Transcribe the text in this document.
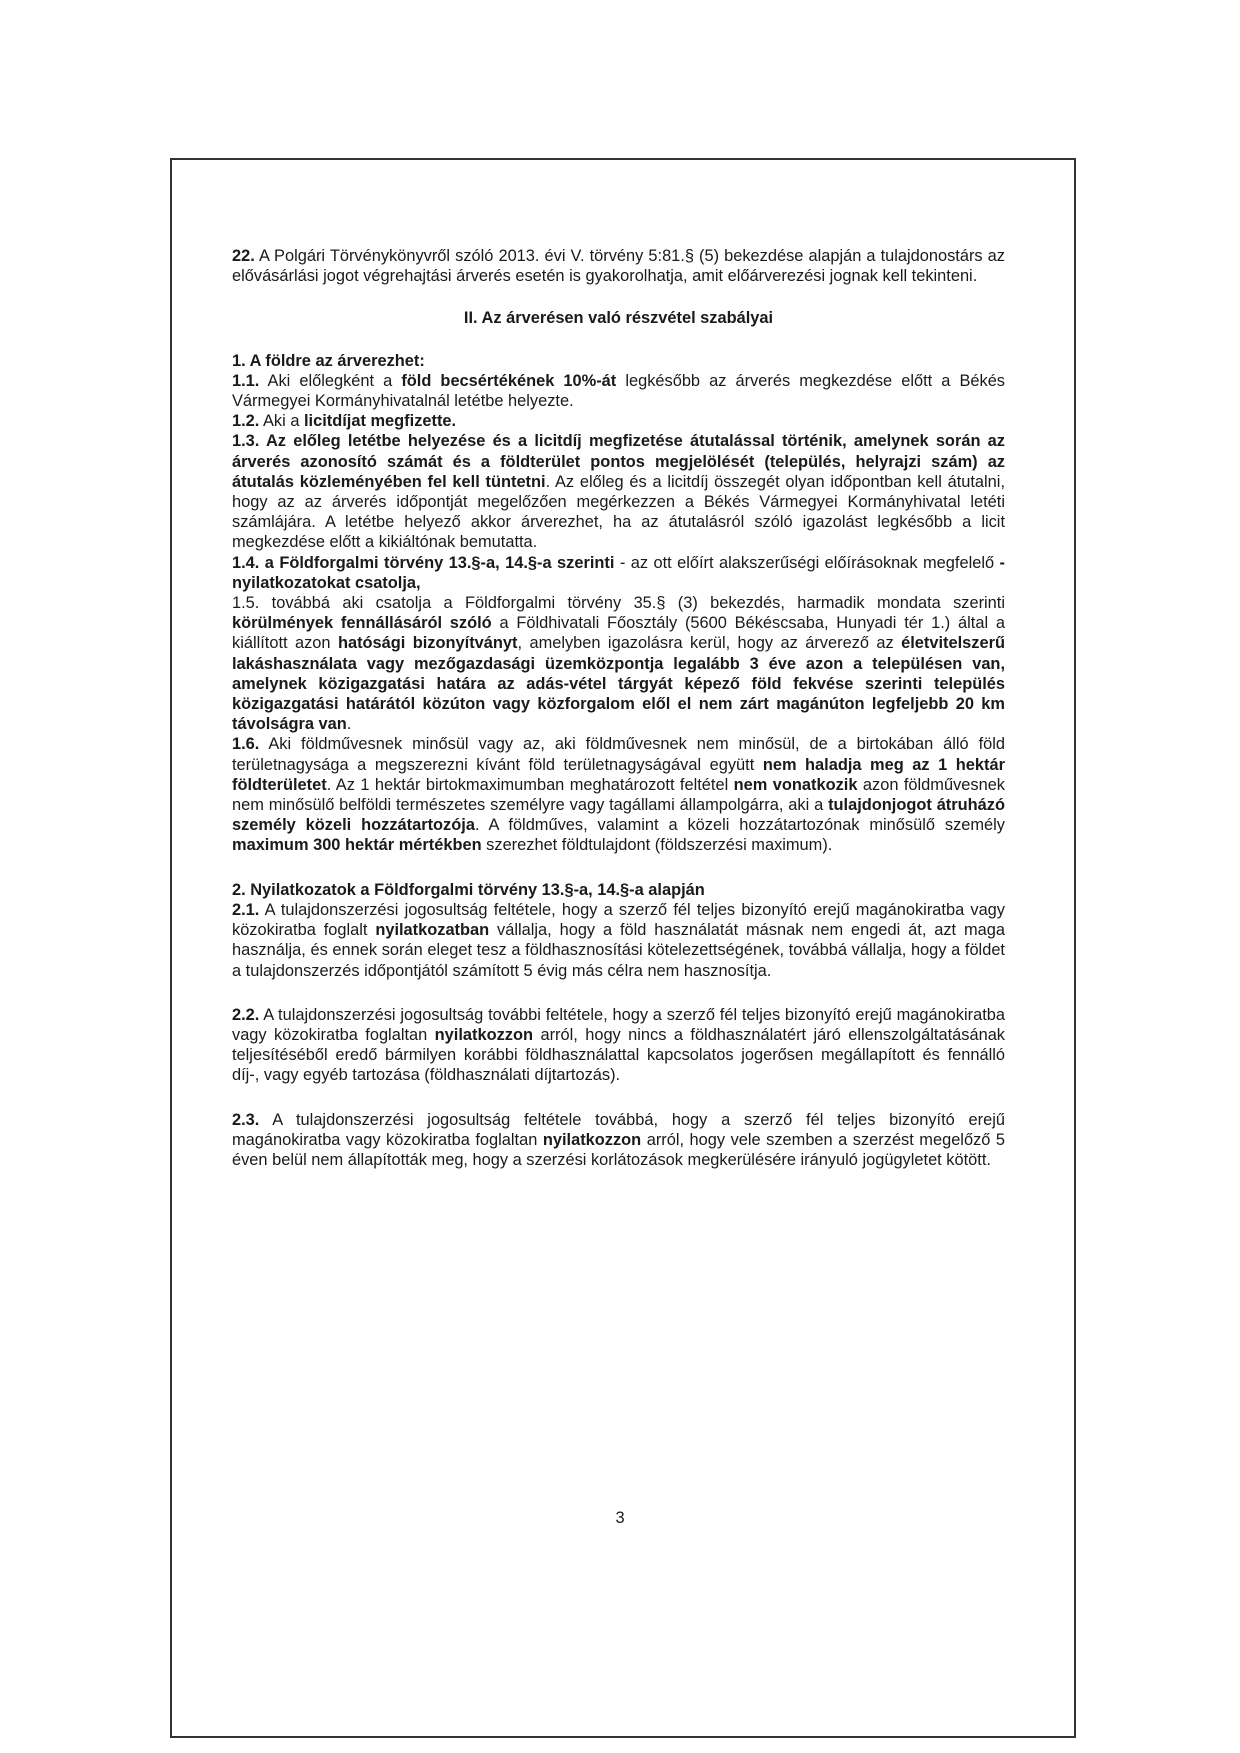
22. A Polgári Törvénykönyvről szóló 2013. évi V. törvény 5:81.§ (5) bekezdése alapján a tulajdonostárs az elővásárlási jogot végrehajtási árverés esetén is gyakorolhatja, amit előárverezési jognak kell tekinteni.

II. Az árverésen való részvétel szabályai

1. A földre az árverezhet:

1.1. Aki előlegként a föld becsértékének 10%-át legkésőbb az árverés megkezdése előtt a Békés Vármegyei Kormányhivatalnál letétbe helyezte.

1.2. Aki a licitdíjat megfizette.

1.3. Az előleg letétbe helyezése és a licitdíj megfizetése átutalással történik, amelynek során az árverés azonosító számát és a földterület pontos megjelölését (település, helyrajzi szám) az átutalás közleményében fel kell tüntetni. Az előleg és a licitdíj összegét olyan időpontban kell átutalni, hogy az az árverés időpontját megelőzően megérkezzen a Békés Vármegyei Kormányhivatal letéti számlájára. A letétbe helyező akkor árverezhet, ha az átutalásról szóló igazolást legkésőbb a licit megkezdése előtt a kikiáltónak bemutatta.

1.4. a Földforgalmi törvény 13.§-a, 14.§-a szerinti - az ott előírt alakszerűségi előírásoknak megfelelő - nyilatkozatokat csatolja,

1.5. továbbá aki csatolja a Földforgalmi törvény 35.§ (3) bekezdés, harmadik mondata szerinti körülmények fennállásáról szóló a Földhivatali Főosztály (5600 Békéscsaba, Hunyadi tér 1.) által a kiállított azon hatósági bizonyítványt, amelyben igazolásra kerül, hogy az árverező az életvitelszerű lakáshasználata vagy mezőgazdasági üzemközpontja legalább 3 éve azon a településen van, amelynek közigazgatási határa az adás-vétel tárgyát képező föld fekvése szerinti település közigazgatási határától közúton vagy közforgalom elől el nem zárt magánúton legfeljebb 20 km távolságra van.

1.6. Aki földművesnek minősül vagy az, aki földművesnek nem minősül, de a birtokában álló föld területnagysága a megszerezni kívánt föld területnagyságával együtt nem haladja meg az 1 hektár földterületet. Az 1 hektár birtokmaximumban meghatározott feltétel nem vonatkozik azon földművesnek nem minősülő belföldi természetes személyre vagy tagállami állampolgárra, aki a tulajdonjogot átruházó személy közeli hozzátartozója. A földműves, valamint a közeli hozzátartozónak minősülő személy maximum 300 hektár mértékben szerezhet földtulajdont (földszerzési maximum).

2. Nyilatkozatok a Földforgalmi törvény 13.§-a, 14.§-a alapján

2.1. A tulajdonszerzési jogosultság feltétele, hogy a szerző fél teljes bizonyító erejű magánokiratba vagy közokiratba foglalt nyilatkozatban vállalja, hogy a föld használatát másnak nem engedi át, azt maga használja, és ennek során eleget tesz a földhasznosítási kötelezettségének, továbbá vállalja, hogy a földet a tulajdonszerzés időpontjától számított 5 évig más célra nem hasznosítja.

2.2. A tulajdonszerzési jogosultság további feltétele, hogy a szerző fél teljes bizonyító erejű magánokiratba vagy közokiratba foglaltan nyilatkozzon arról, hogy nincs a földhasználatért járó ellenszolgáltatásának teljesítéséből eredő bármilyen korábbi földhasználattal kapcsolatos jogerősen megállapított és fennálló díj-, vagy egyéb tartozása (földhasználati díjtartozás).

2.3. A tulajdonszerzési jogosultság feltétele továbbá, hogy a szerző fél teljes bizonyító erejű magánokiratba vagy közokiratba foglaltan nyilatkozzon arról, hogy vele szemben a szerzést megelőző 5 éven belül nem állapították meg, hogy a szerzési korlátozások megkerülésére irányuló jogügyletet kötött.

3
